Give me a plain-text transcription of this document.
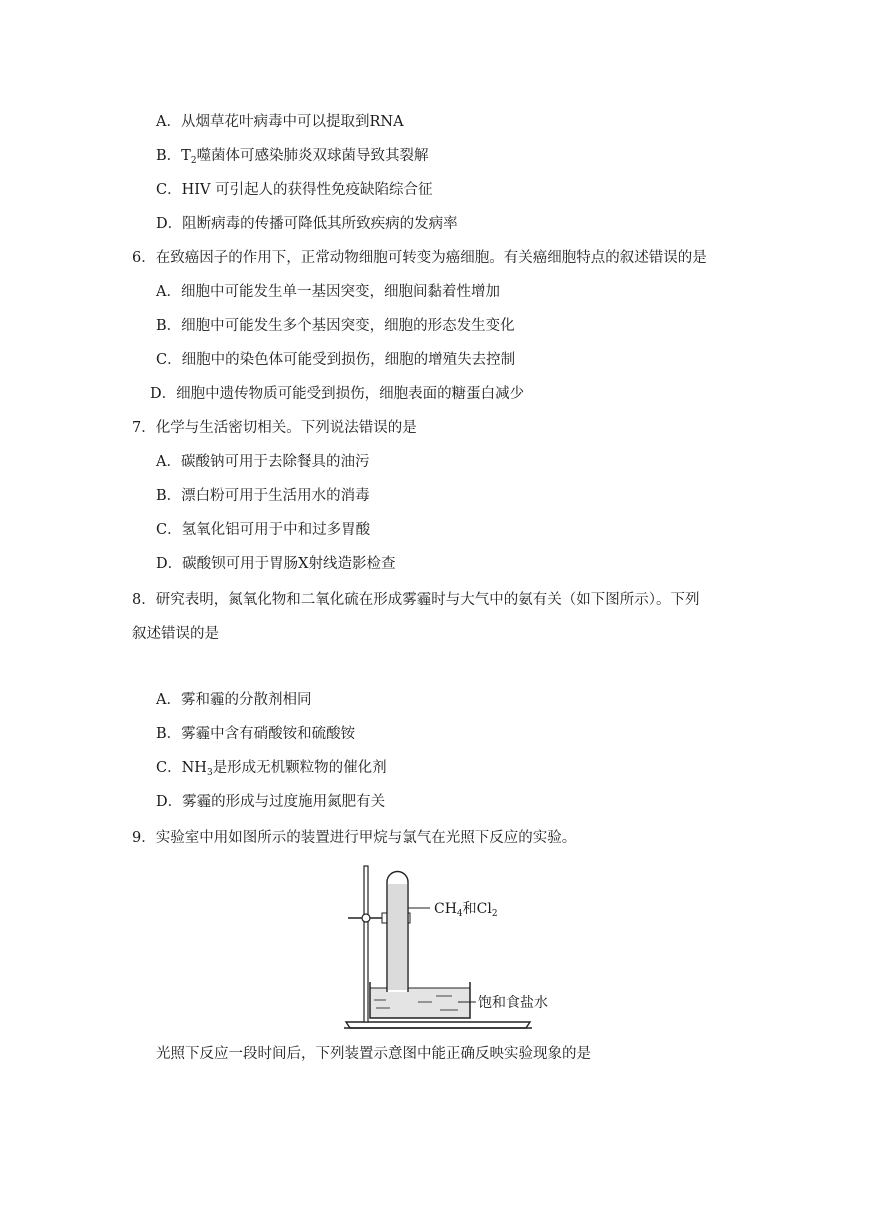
A．从烟草花叶病毒中可以提取到RNA
B．$T_2$噬菌体可感染肺炎双球菌导致其裂解
C．HIV 可引起人的获得性免疫缺陷综合征
D．阻断病毒的传播可降低其所致疾病的发病率
6．在致癌因子的作用下，正常动物细胞可转变为癌细胞。有关癌细胞特点的叙述错误的是
A．细胞中可能发生单一基因突变，细胞间黏着性增加
B．细胞中可能发生多个基因突变，细胞的形态发生变化
C．细胞中的染色体可能受到损伤，细胞的增殖失去控制
D．细胞中遗传物质可能受到损伤，细胞表面的糖蛋白减少
7．化学与生活密切相关。下列说法错误的是
A．碳酸钠可用于去除餐具的油污
B．漂白粉可用于生活用水的消毒
C．氢氧化铝可用于中和过多胃酸
D．碳酸钡可用于胃肠X射线造影检查
8．研究表明，氮氧化物和二氧化硫在形成雾霾时与大气中的氨有关（如下图所示）。下列
叙述错误的是
A．雾和霾的分散剂相同
B．雾霾中含有硝酸铵和硫酸铵
C．$NH_3$是形成无机颗粒物的催化剂
D．雾霾的形成与过度施用氮肥有关
9．实验室中用如图所示的装置进行甲烷与氯气在光照下反应的实验。
$CH_4$和$Cl_2$
饱和食盐水
光照下反应一段时间后，下列装置示意图中能正确反映实验现象的是
